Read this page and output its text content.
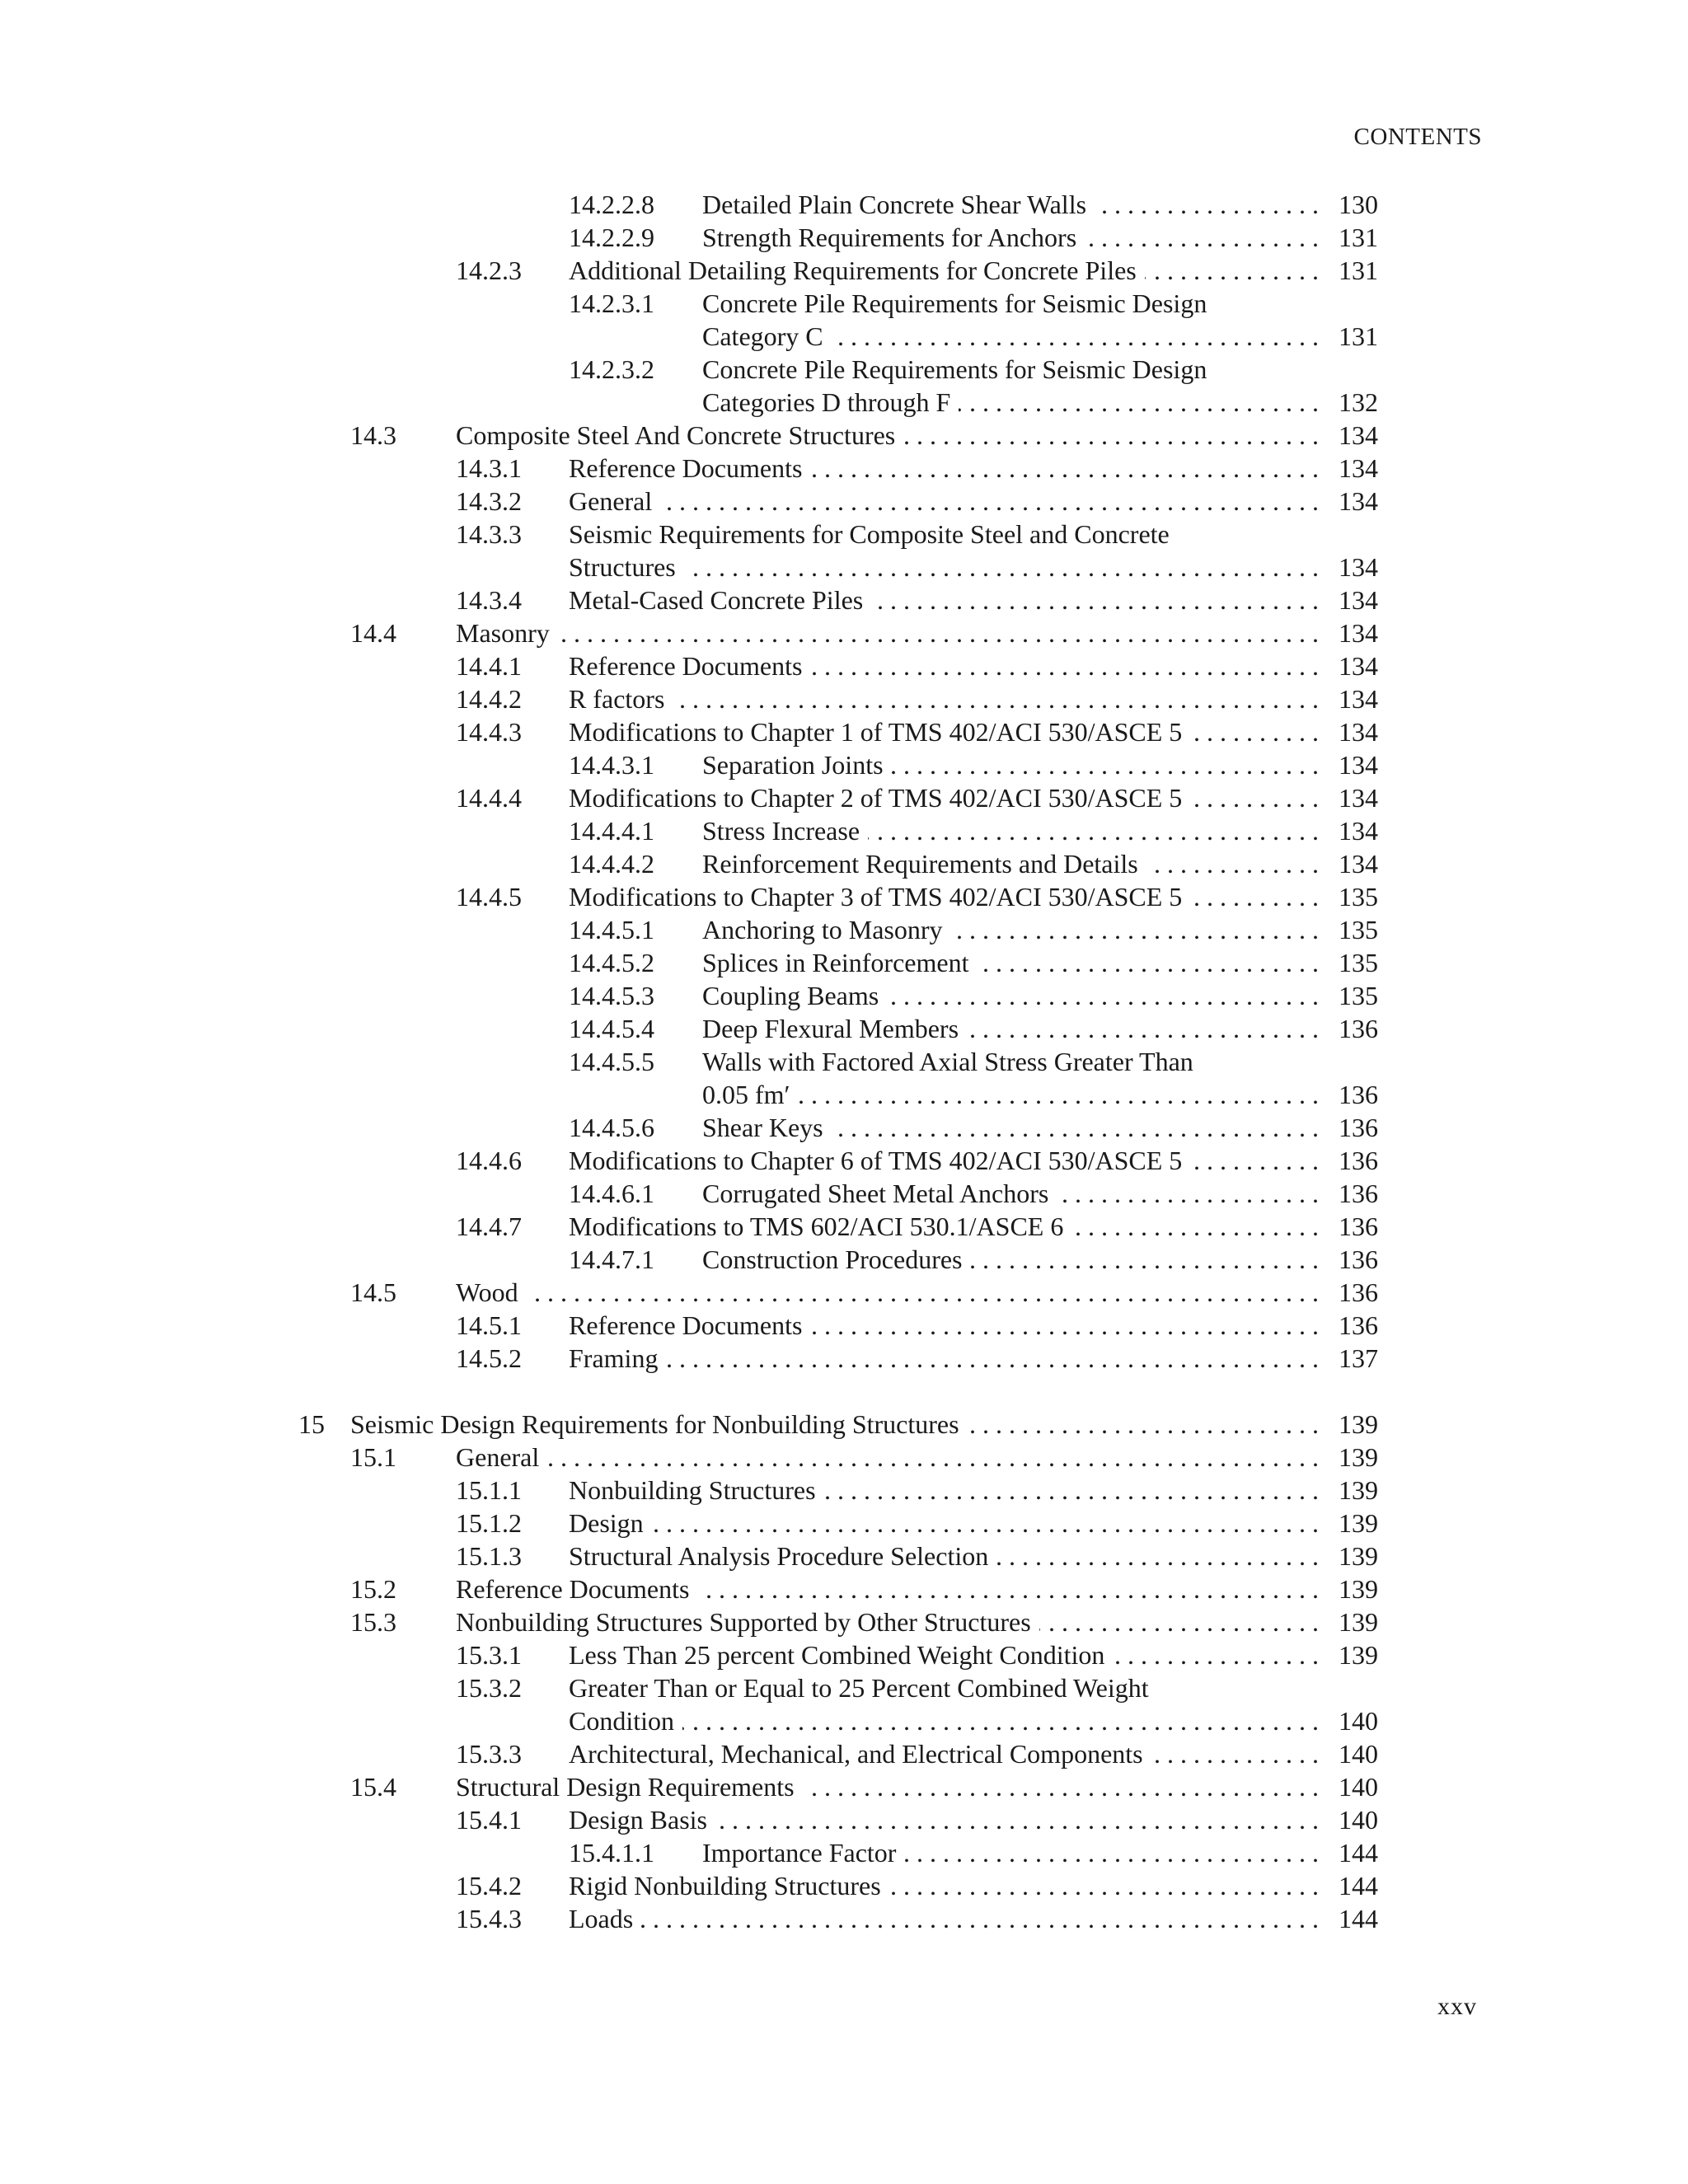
CONTENTS
14.2.2.8 Detailed Plain Concrete Shear Walls . . .	130
14.2.2.9 Strength Requirements for Anchors . . .	131
14.2.3 Additional Detailing Requirements for Concrete Piles . . .	131
14.2.3.1 Concrete Pile Requirements for Seismic Design
Category C . . .	131
14.2.3.2 Concrete Pile Requirements for Seismic Design
Categories D through F . . .	132
14.3 Composite Steel And Concrete Structures . . .	134
14.3.1 Reference Documents . . .	134
14.3.2 General . . .	134
14.3.3 Seismic Requirements for Composite Steel and Concrete
Structures . . .	134
14.3.4 Metal-Cased Concrete Piles . . .	134
14.4 Masonry . . .	134
14.4.1 Reference Documents . . .	134
14.4.2 R factors . . .	134
14.4.3 Modifications to Chapter 1 of TMS 402/ACI 530/ASCE 5 . . .	134
14.4.3.1 Separation Joints . . .	134
14.4.4 Modifications to Chapter 2 of TMS 402/ACI 530/ASCE 5 . . .	134
14.4.4.1 Stress Increase . . .	134
14.4.4.2 Reinforcement Requirements and Details . . .	134
14.4.5 Modifications to Chapter 3 of TMS 402/ACI 530/ASCE 5 . . .	135
14.4.5.1 Anchoring to Masonry . . .	135
14.4.5.2 Splices in Reinforcement . . .	135
14.4.5.3 Coupling Beams . . .	135
14.4.5.4 Deep Flexural Members . . .	136
14.4.5.5 Walls with Factored Axial Stress Greater Than
0.05 fm′ . . .	136
14.4.5.6 Shear Keys . . .	136
14.4.6 Modifications to Chapter 6 of TMS 402/ACI 530/ASCE 5 . . .	136
14.4.6.1 Corrugated Sheet Metal Anchors . . .	136
14.4.7 Modifications to TMS 602/ACI 530.1/ASCE 6 . . .	136
14.4.7.1 Construction Procedures . . .	136
14.5 Wood . . .	136
14.5.1 Reference Documents . . .	136
14.5.2 Framing . . .	137
15 Seismic Design Requirements for Nonbuilding Structures . . .	139
15.1 General . . .	139
15.1.1 Nonbuilding Structures . . .	139
15.1.2 Design . . .	139
15.1.3 Structural Analysis Procedure Selection . . .	139
15.2 Reference Documents . . .	139
15.3 Nonbuilding Structures Supported by Other Structures . . .	139
15.3.1 Less Than 25 percent Combined Weight Condition . . .	139
15.3.2 Greater Than or Equal to 25 Percent Combined Weight
Condition . . .	140
15.3.3 Architectural, Mechanical, and Electrical Components . . .	140
15.4 Structural Design Requirements . . .	140
15.4.1 Design Basis . . .	140
15.4.1.1 Importance Factor . . .	144
15.4.2 Rigid Nonbuilding Structures . . .	144
15.4.3 Loads . . .	144
xxv
